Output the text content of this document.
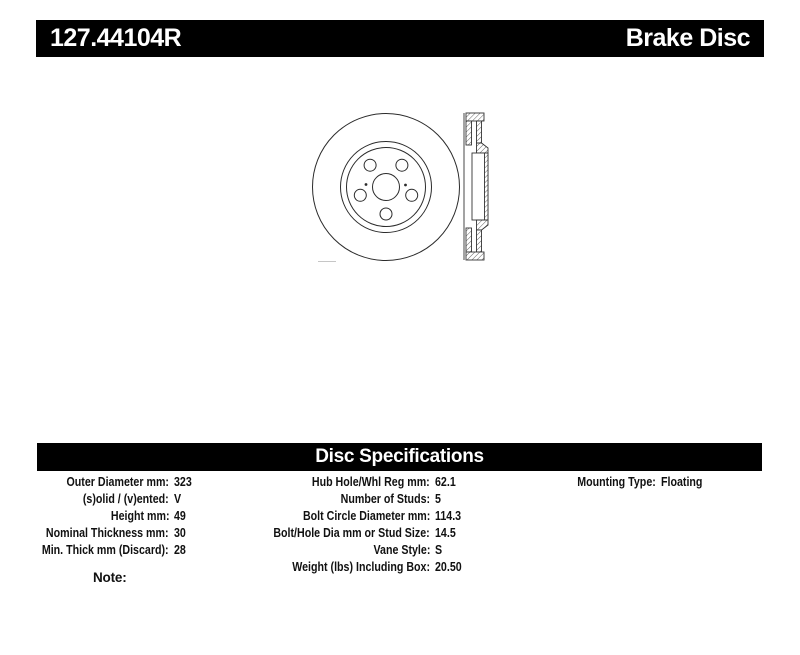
127.44104R	Brake Disc
Disc Specifications
Outer Diameter mm: 323
(s)olid / (v)ented: V
Height mm: 49
Nominal Thickness mm: 30
Min. Thick mm (Discard): 28
Hub Hole/Whl Reg mm: 62.1
Number of Studs: 5
Bolt Circle Diameter mm: 114.3
Bolt/Hole Dia mm or Stud Size: 14.5
Vane Style: S
Weight (lbs) Including Box: 20.50
Mounting Type: Floating
Note:
